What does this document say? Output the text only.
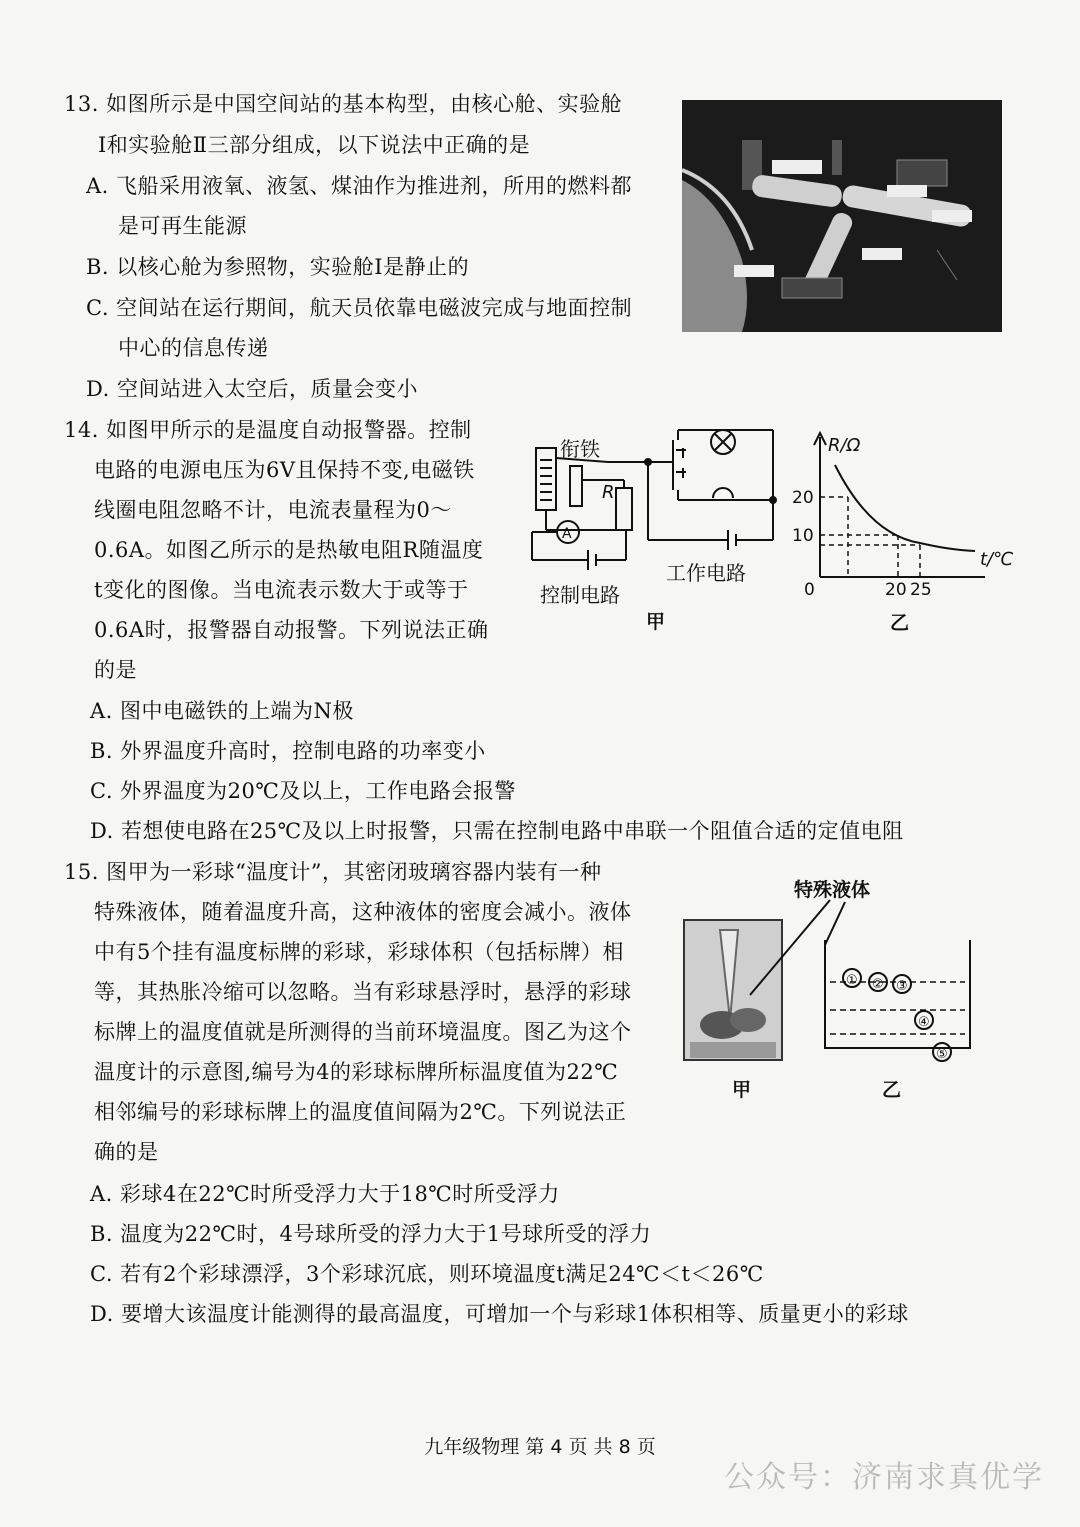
13. 如图所示是中国空间站的基本构型，由核心舱、实验舱
Ⅰ和实验舱Ⅱ三部分组成，以下说法中正确的是
A. 飞船采用液氧、液氢、煤油作为推进剂，所用的燃料都
是可再生能源
B. 以核心舱为参照物，实验舱Ⅰ是静止的
C. 空间站在运行期间，航天员依靠电磁波完成与地面控制
中心的信息传递
D. 空间站进入太空后，质量会变小
14. 如图甲所示的是温度自动报警器。控制
电路的电源电压为6V且保持不变,电磁铁
线圈电阻忽略不计，电流表量程为0～
0.6A。如图乙所示的是热敏电阻R随温度
t变化的图像。当电流表示数大于或等于
0.6A时，报警器自动报警。下列说法正确
的是
A. 图中电磁铁的上端为N极
B. 外界温度升高时，控制电路的功率变小
C. 外界温度为20℃及以上，工作电路会报警
D. 若想使电路在25℃及以上时报警，只需在控制电路中串联一个阻值合适的定值电阻
衔铁
R
A
控制电路
工作电路
甲
R/Ω
t/℃
0
20
10
20 25
乙
15. 图甲为一彩球“温度计”，其密闭玻璃容器内装有一种
特殊液体，随着温度升高，这种液体的密度会减小。液体
中有5个挂有温度标牌的彩球，彩球体积（包括标牌）相
等，其热胀冷缩可以忽略。当有彩球悬浮时，悬浮的彩球
标牌上的温度值就是所测得的当前环境温度。图乙为这个
温度计的示意图,编号为4的彩球标牌所标温度值为22℃
相邻编号的彩球标牌上的温度值间隔为2℃。下列说法正
确的是
A. 彩球4在22℃时所受浮力大于18℃时所受浮力
B. 温度为22℃时，4号球所受的浮力大于1号球所受的浮力
C. 若有2个彩球漂浮，3个彩球沉底，则环境温度t满足24℃＜t＜26℃
D. 要增大该温度计能测得的最高温度，可增加一个与彩球1体积相等、质量更小的彩球
特殊液体
① ② ③
④
⑤
甲	乙
九年级物理 第 4 页 共 8 页
公众号：济南求真优学
